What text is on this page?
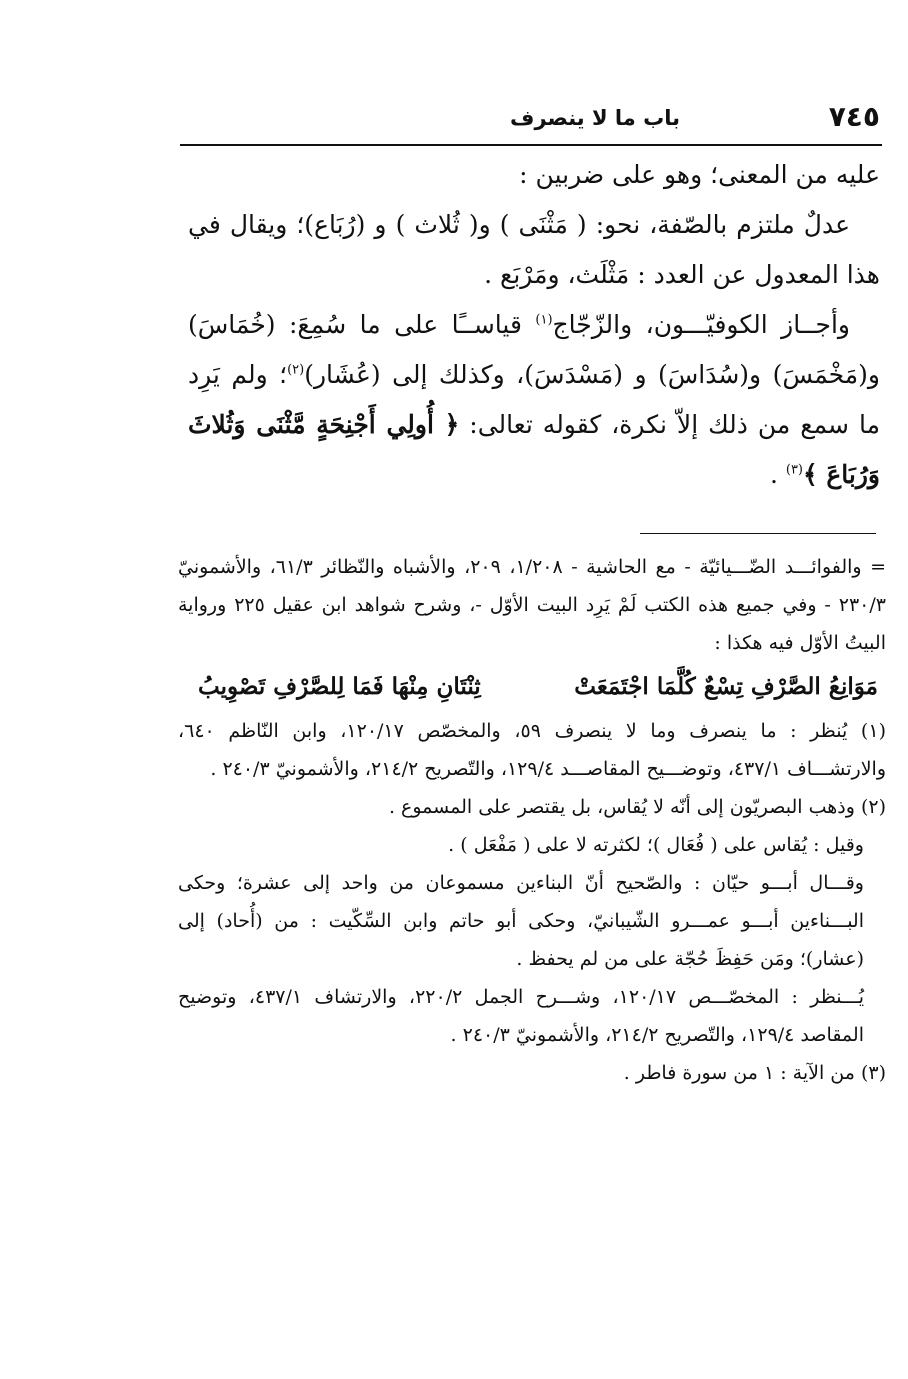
٧٤٥
باب ما لا ينصرف

عليه من المعنى؛ وهو على ضربين :

عدلٌ ملتزم بالصّفة، نحو: ( مَثْنَى ) و( ثُلاث ) و (رُبَاع)؛ ويقال في هذا المعدول عن العدد : مَثْلَث، ومَرْبَع .

وأجــاز الكوفيّـــون، والزّجّاج$^{(١)}$ قياســًا على ما سُمِعَ: (خُمَاسَ) و(مَخْمَسَ) و(سُدَاسَ) و (مَسْدَسَ)، وكذلك إلى (عُشَار)$^{(٢)}$؛ ولم يَرِد ما سمع من ذلك إلاّ نكرة، كقوله تعالى: ﴿ أُولِي أَجْنِحَةٍ مَّثْنَى وَثُلاثَ وَرُبَاعَ ﴾$^{(٣)}$ .

= والفوائـــد الضّـــيائيّة - مع الحاشية - ١/٢٠٨، ٢٠٩، والأشباه والنّظائر ٦١/٣، والأشمونيّ ٢٣٠/٣ - وفي جميع هذه الكتب لَمْ يَرِد البيت الأوّل -، وشرح شواهد ابن عقيل ٢٢٥ ورواية البيتُ الأوّل فيه هكذا :

مَوَانِعُ الصَّرْفِ تِسْعٌ كُلَّمَا اجْتَمَعَتْ
ثِنْتَانِ مِنْهَا فَمَا لِلصَّرْفِ تَصْوِيبُ

(١) يُنظر : ما ينصرف وما لا ينصرف ٥٩، والمخصّص ١٢٠/١٧، وابن النّاظم ٦٤٠، والارتشـــاف ٤٣٧/١، وتوضـــيح المقاصـــد ١٢٩/٤، والتّصريح ٢١٤/٢، والأشمونيّ ٢٤٠/٣ .

(٢) وذهب البصريّون إلى أنّه لا يُقاس، بل يقتصر على المسموع .

وقيل : يُقاس على ( فُعَال )؛ لكثرته لا على ( مَفْعَل ) .

وقـــال أبـــو حيّان : والصّحيح أنّ البناءين مسموعان من واحد إلى عشرة؛ وحكى البـــناءين أبـــو عمـــرو الشّيبانيّ، وحكى أبو حاتم وابن السِّكّيت : من (أُحاد) إلى (عشار)؛ ومَن حَفِظَ حُجّة على من لم يحفظ .

يُـــنظر : المخصّـــص ١٢٠/١٧، وشـــرح الجمل ٢٢٠/٢، والارتشاف ٤٣٧/١، وتوضيح المقاصد ١٢٩/٤، والتّصريح ٢١٤/٢، والأشمونيّ ٢٤٠/٣ .

(٣) من الآية : ١ من سورة فاطر .
